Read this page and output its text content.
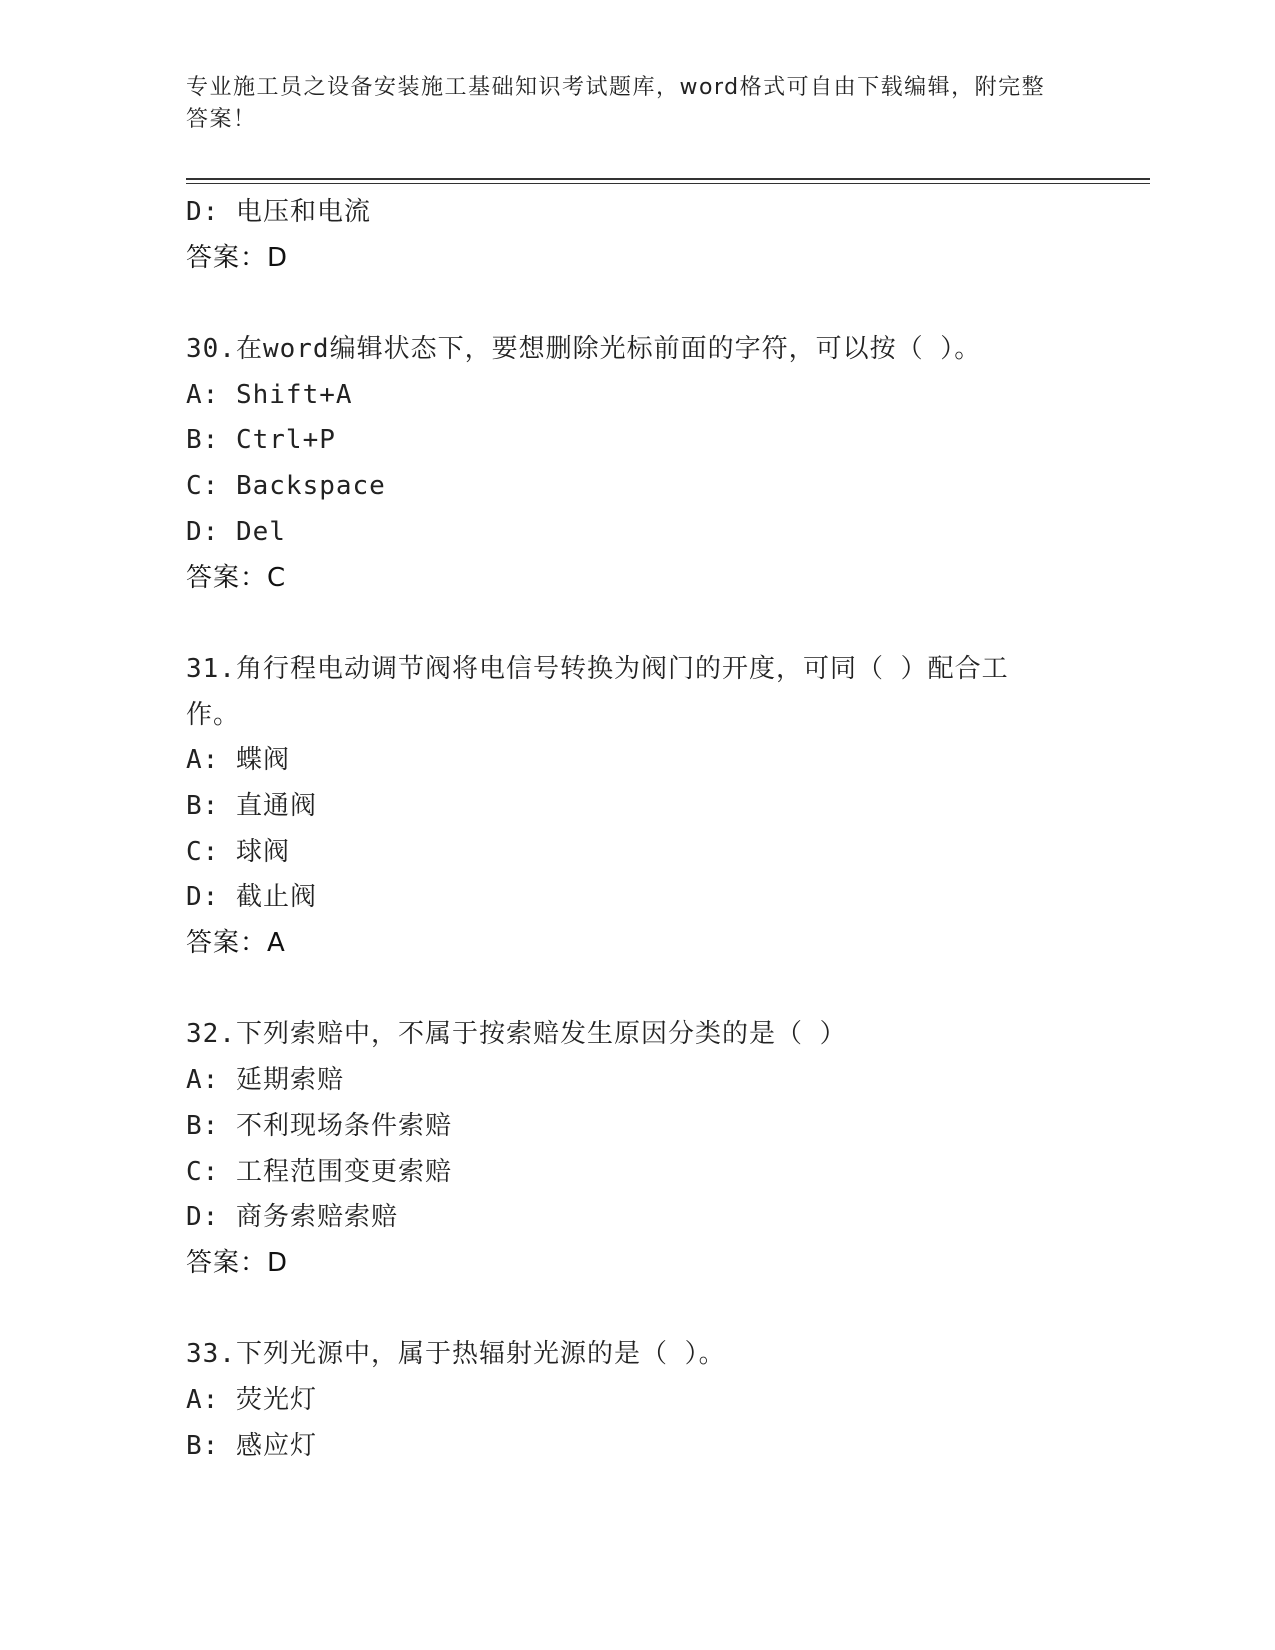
专业施工员之设备安装施工基础知识考试题库，word格式可自由下载编辑，附完整答案！
D: 电压和电流
答案：D
30.在word编辑状态下，要想删除光标前面的字符，可以按（ ）。
A: Shift+A
B: Ctrl+P
C: Backspace
D: Del
答案：C
31.角行程电动调节阀将电信号转换为阀门的开度，可同（ ）配合工作。
A: 蝶阀
B: 直通阀
C: 球阀
D: 截止阀
答案：A
32.下列索赔中，不属于按索赔发生原因分类的是（ ）
A: 延期索赔
B: 不利现场条件索赔
C: 工程范围变更索赔
D: 商务索赔索赔
答案：D
33.下列光源中，属于热辐射光源的是（ ）。
A: 荧光灯
B: 感应灯
